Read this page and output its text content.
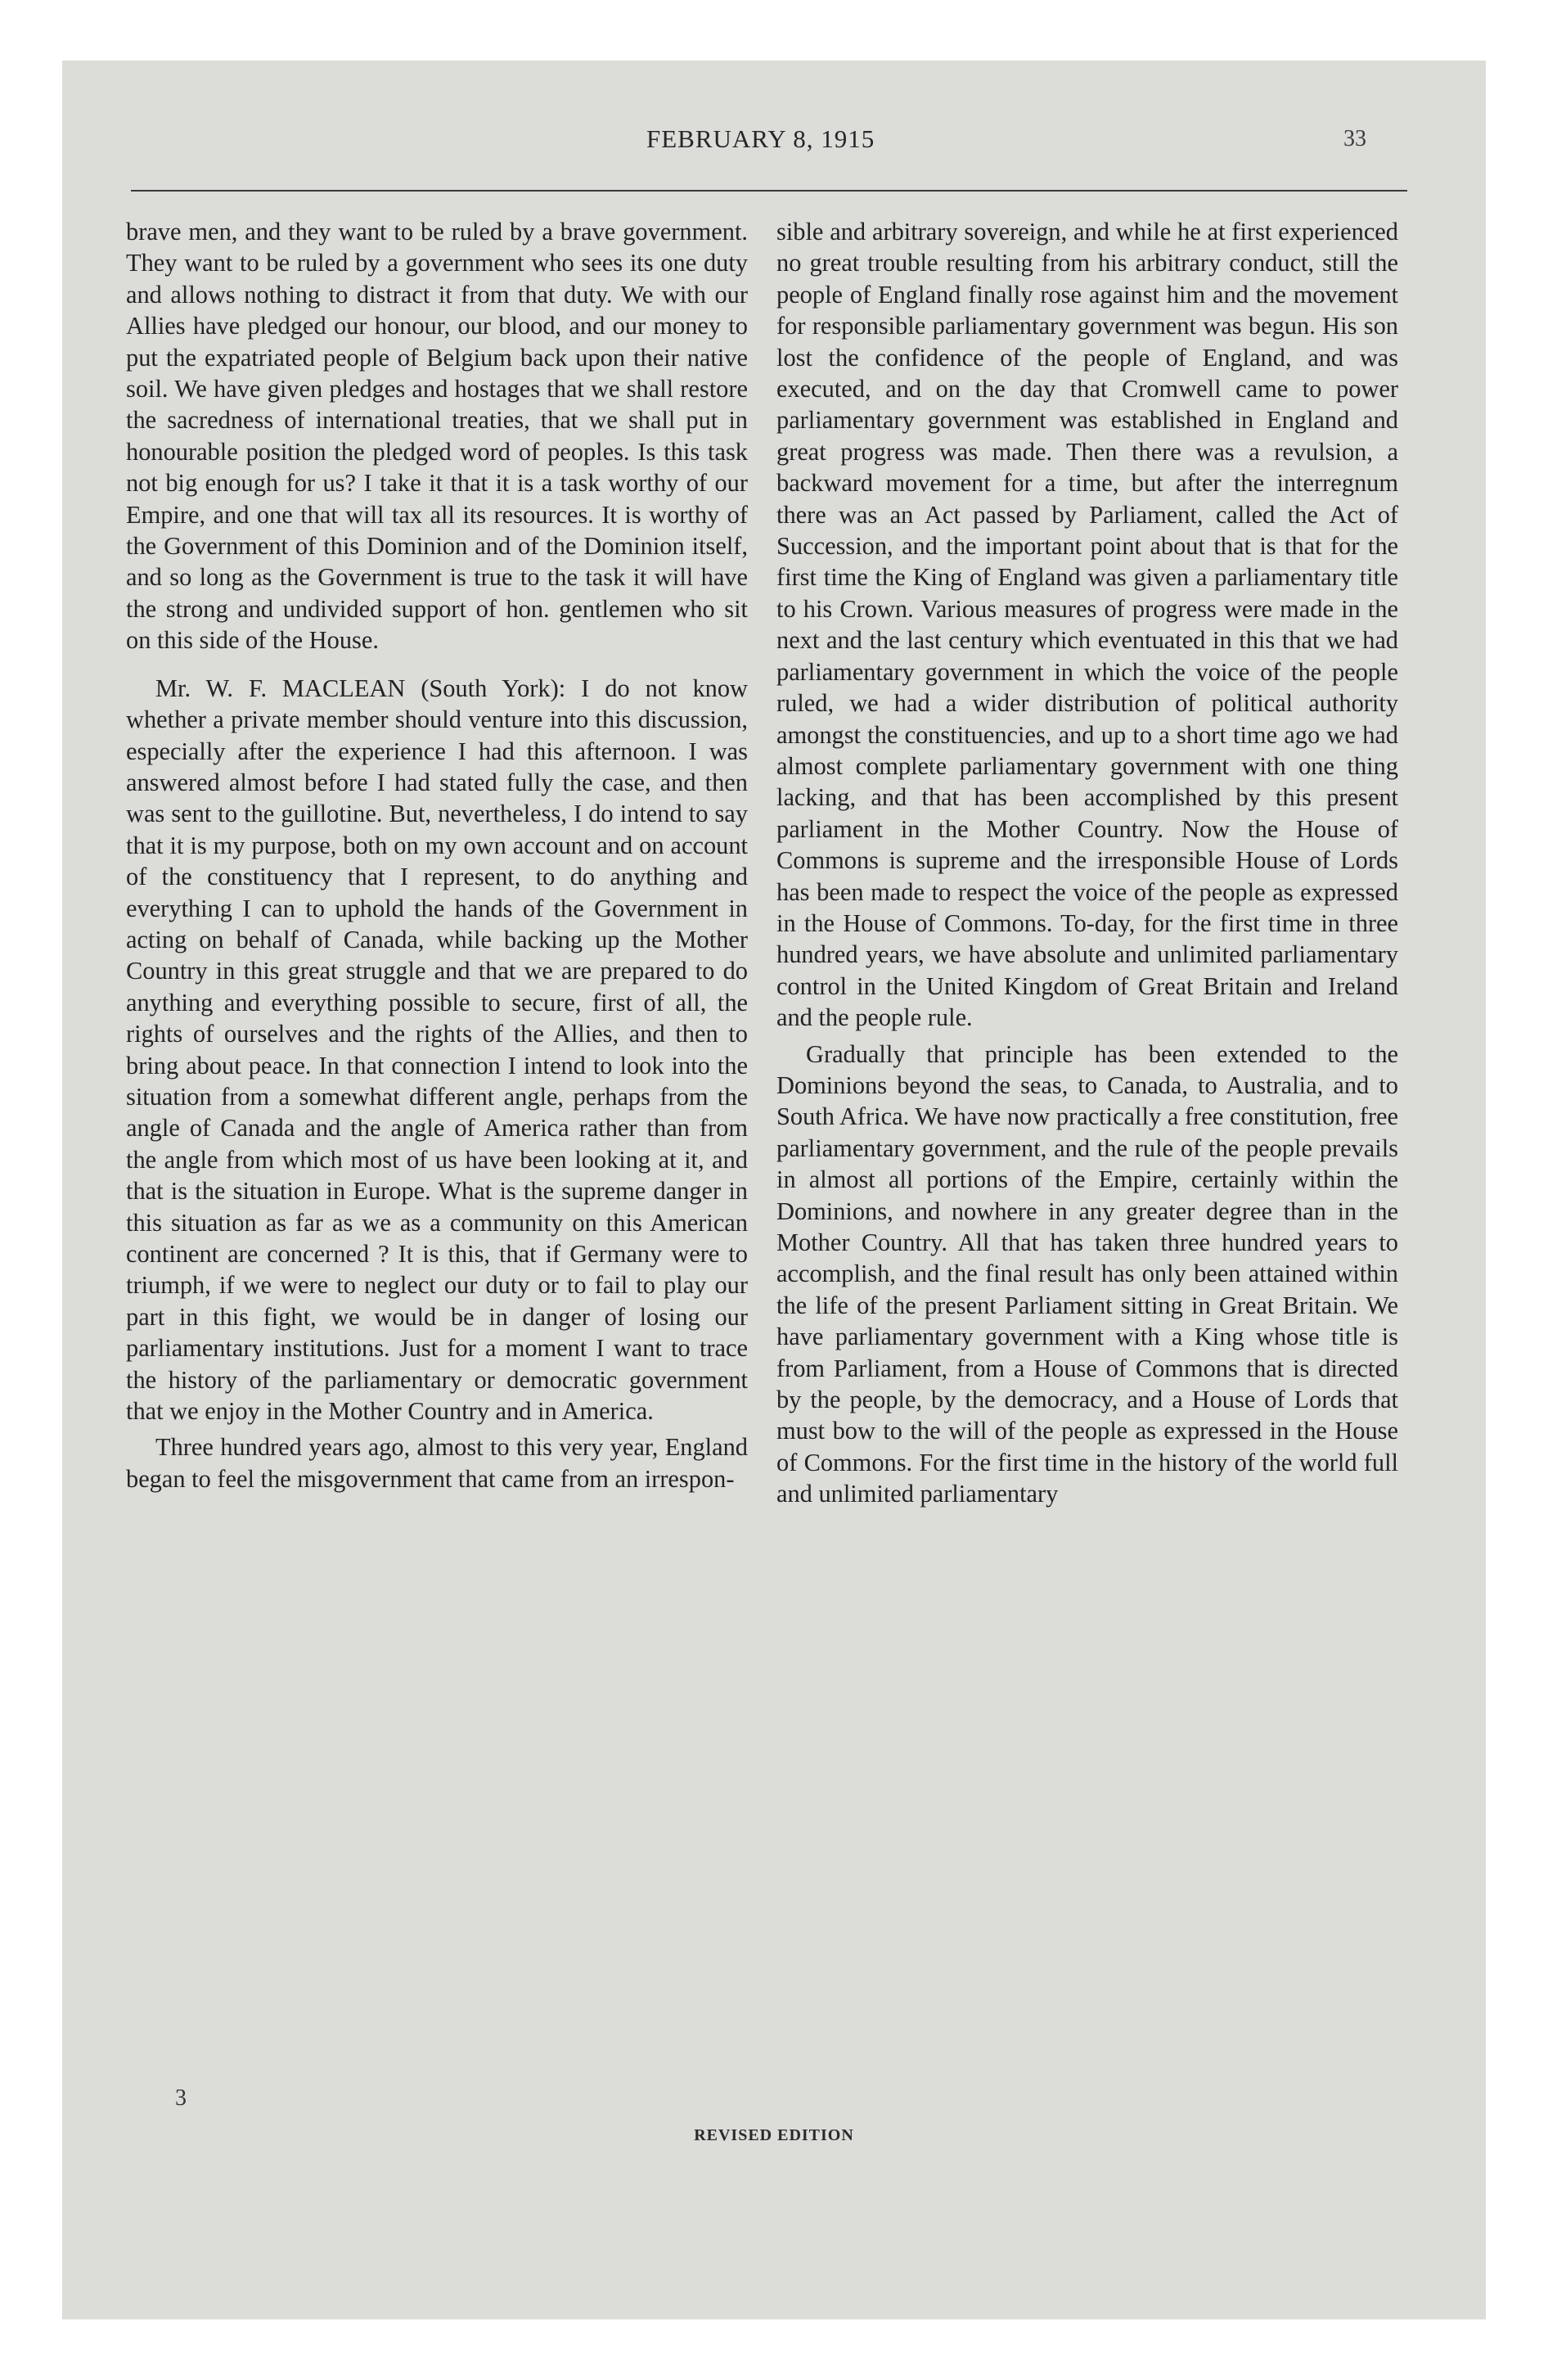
FEBRUARY 8, 1915	33

brave men, and they want to be ruled by a brave government. They want to be ruled by a government who sees its one duty and allows nothing to distract it from that duty. We with our Allies have pledged our honour, our blood, and our money to put the expatriated people of Belgium back upon their native soil. We have given pledges and hostages that we shall restore the sacredness of international treaties, that we shall put in honourable position the pledged word of peoples. Is this task not big enough for us? I take it that it is a task worthy of our Empire, and one that will tax all its resources. It is worthy of the Government of this Dominion and of the Dominion itself, and so long as the Government is true to the task it will have the strong and undivided support of hon. gentlemen who sit on this side of the House.

Mr. W. F. MACLEAN (South York): I do not know whether a private member should venture into this discussion, especially after the experience I had this afternoon. I was answered almost before I had stated fully the case, and then was sent to the guillotine. But, nevertheless, I do intend to say that it is my purpose, both on my own account and on account of the constituency that I represent, to do anything and everything I can to uphold the hands of the Government in acting on behalf of Canada, while backing up the Mother Country in this great struggle and that we are prepared to do anything and everything possible to secure, first of all, the rights of ourselves and the rights of the Allies, and then to bring about peace. In that connection I intend to look into the situation from a somewhat different angle, perhaps from the angle of Canada and the angle of America rather than from the angle from which most of us have been looking at it, and that is the situation in Europe. What is the supreme danger in this situation as far as we as a community on this American continent are concerned ? It is this, that if Germany were to triumph, if we were to neglect our duty or to fail to play our part in this fight, we would be in danger of losing our parliamentary institutions. Just for a moment I want to trace the history of the parliamentary or democratic government that we enjoy in the Mother Country and in America.

Three hundred years ago, almost to this very year, England began to feel the misgovernment that came from an irrespon-

sible and arbitrary sovereign, and while he at first experienced no great trouble resulting from his arbitrary conduct, still the people of England finally rose against him and the movement for responsible parliamentary government was begun. His son lost the confidence of the people of England, and was executed, and on the day that Cromwell came to power parliamentary government was established in England and great progress was made. Then there was a revulsion, a backward movement for a time, but after the interregnum there was an Act passed by Parliament, called the Act of Succession, and the important point about that is that for the first time the King of England was given a parliamentary title to his Crown. Various measures of progress were made in the next and the last century which eventuated in this that we had parliamentary government in which the voice of the people ruled, we had a wider distribution of political authority amongst the constituencies, and up to a short time ago we had almost complete parliamentary government with one thing lacking, and that has been accomplished by this present parliament in the Mother Country. Now the House of Commons is supreme and the irresponsible House of Lords has been made to respect the voice of the people as expressed in the House of Commons. To-day, for the first time in three hundred years, we have absolute and unlimited parliamentary control in the United Kingdom of Great Britain and Ireland and the people rule.

Gradually that principle has been extended to the Dominions beyond the seas, to Canada, to Australia, and to South Africa. We have now practically a free constitution, free parliamentary government, and the rule of the people prevails in almost all portions of the Empire, certainly within the Dominions, and nowhere in any greater degree than in the Mother Country. All that has taken three hundred years to accomplish, and the final result has only been attained within the life of the present Parliament sitting in Great Britain. We have parliamentary government with a King whose title is from Parliament, from a House of Commons that is directed by the people, by the democracy, and a House of Lords that must bow to the will of the people as expressed in the House of Commons. For the first time in the history of the world full and unlimited parliamentary

3
REVISED EDITION
